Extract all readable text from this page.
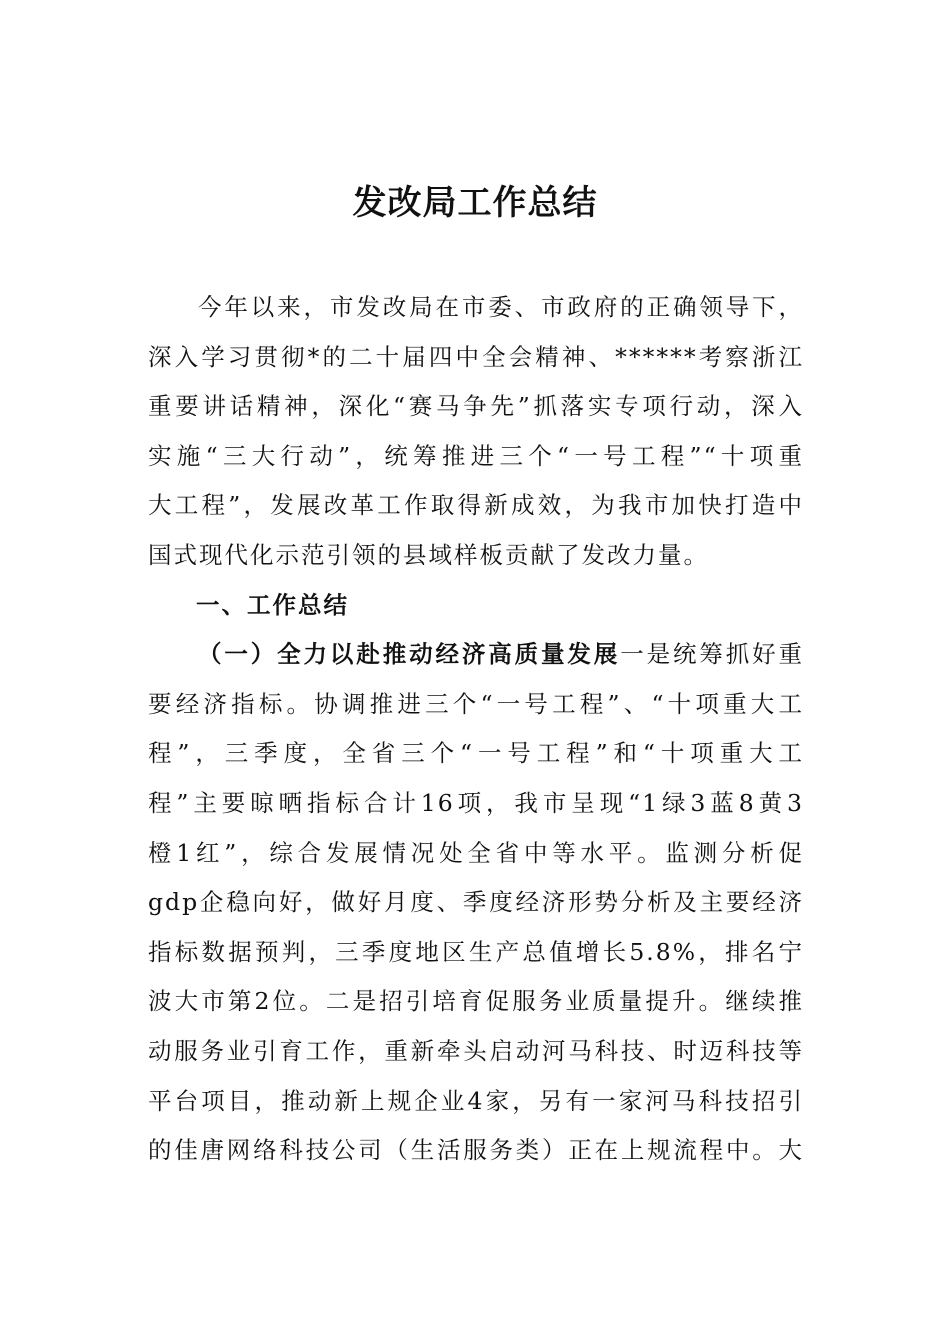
发改局工作总结
今年以来，市发改局在市委、市政府的正确领导下，
深入学习贯彻*的二十届四中全会精神、******考察浙江
重要讲话精神，深化“赛马争先”抓落实专项行动，深入
实施“三大行动”，统筹推进三个“一号工程”“十项重
大工程”，发展改革工作取得新成效，为我市加快打造中
国式现代化示范引领的县域样板贡献了发改力量。
一、工作总结
（一）全力以赴推动经济高质量发展一是统筹抓好重
要经济指标。协调推进三个“一号工程”、“十项重大工
程”，三季度，全省三个“一号工程”和“十项重大工
程”主要晾晒指标合计16项，我市呈现“1绿3蓝8黄3
橙1红”，综合发展情况处全省中等水平。监测分析促
gdp企稳向好，做好月度、季度经济形势分析及主要经济
指标数据预判，三季度地区生产总值增长5.8%，排名宁
波大市第2位。二是招引培育促服务业质量提升。继续推
动服务业引育工作，重新牵头启动河马科技、时迈科技等
平台项目，推动新上规企业4家，另有一家河马科技招引
的佳唐网络科技公司（生活服务类）正在上规流程中。大
